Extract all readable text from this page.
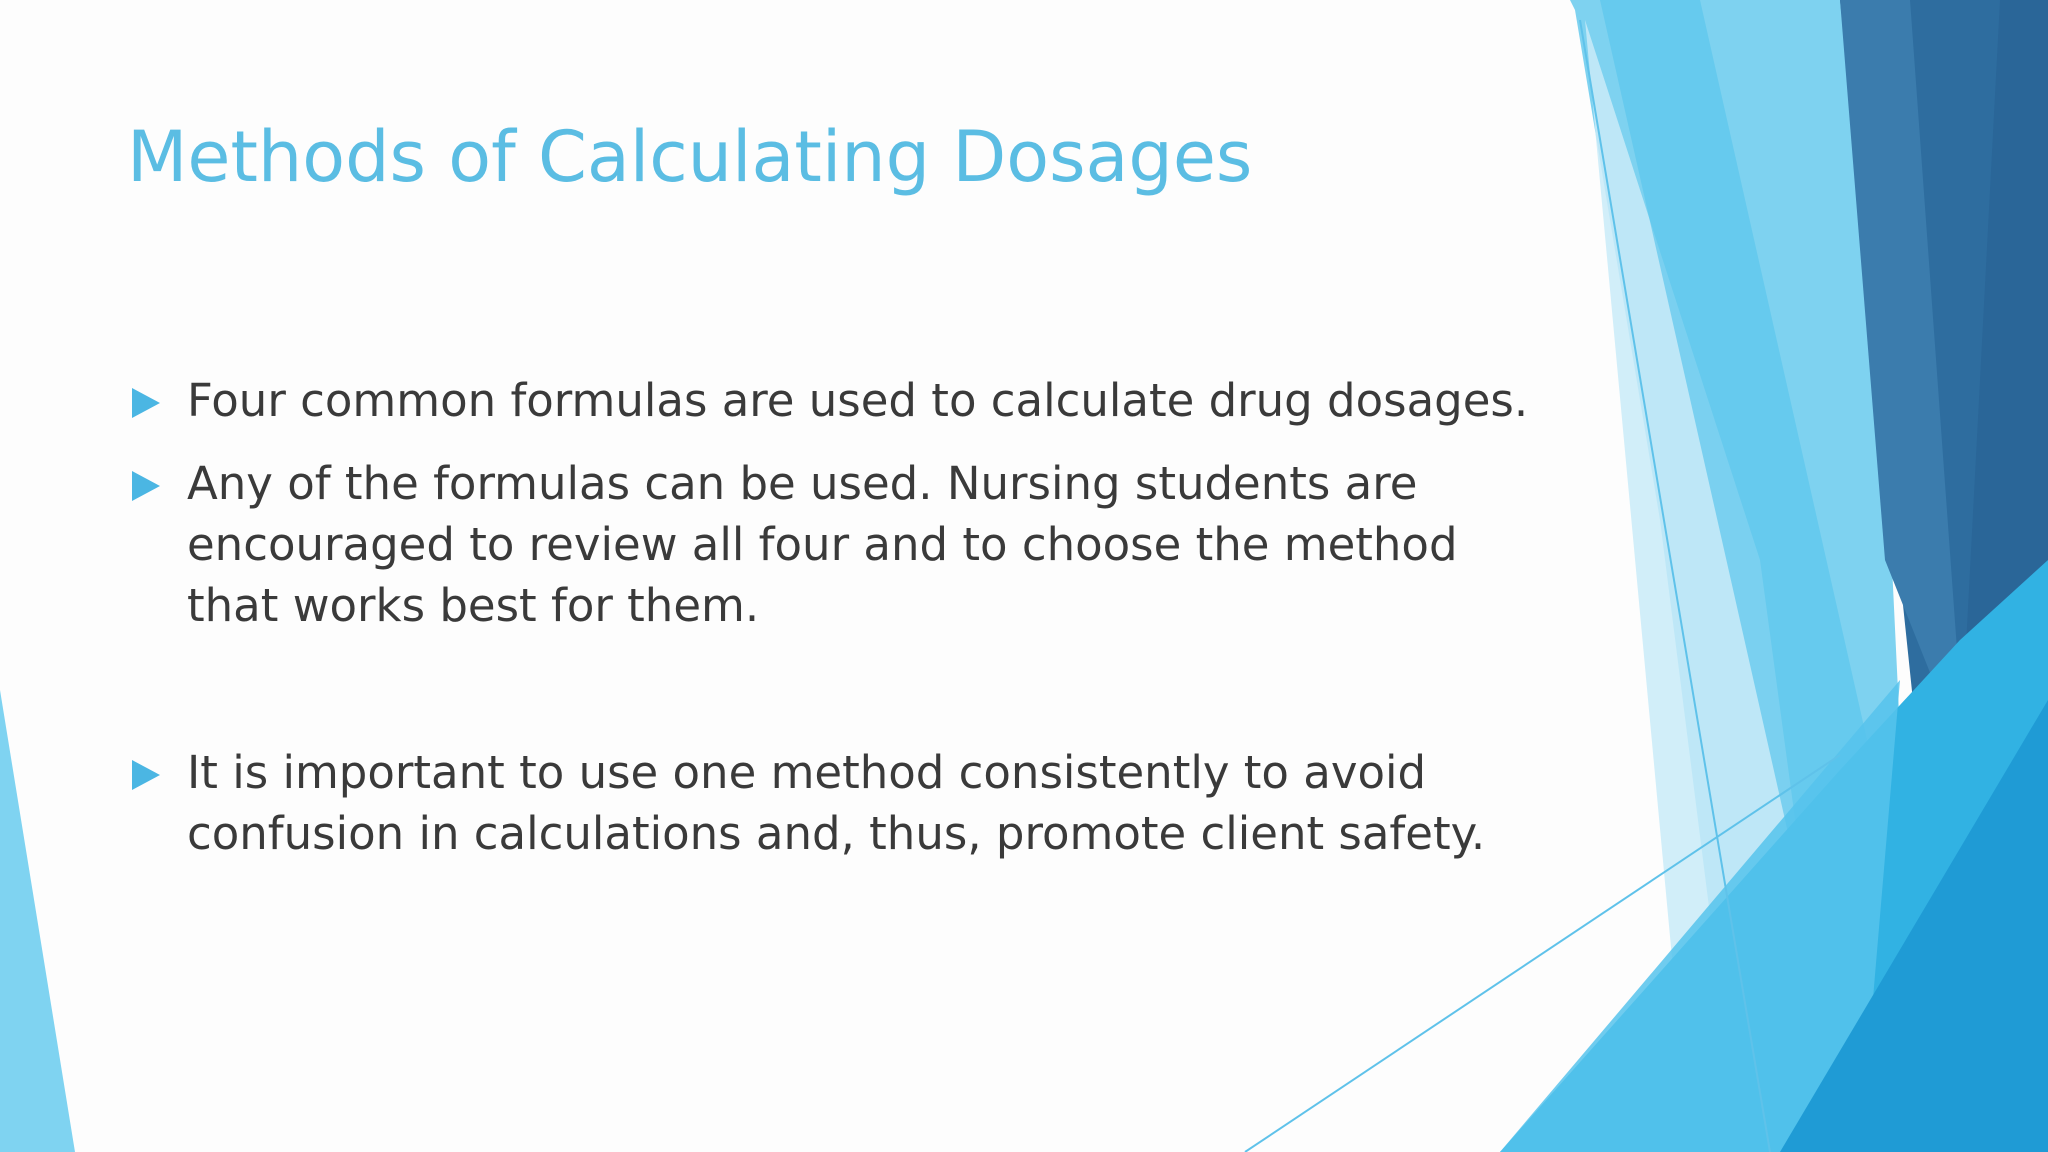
Methods of Calculating Dosages
Four common formulas are used to calculate drug dosages.
Any of the formulas can be used. Nursing students are encouraged to review all four and to choose the method that works best for them.
It is important to use one method consistently to avoid confusion in calculations and, thus, promote client safety.
